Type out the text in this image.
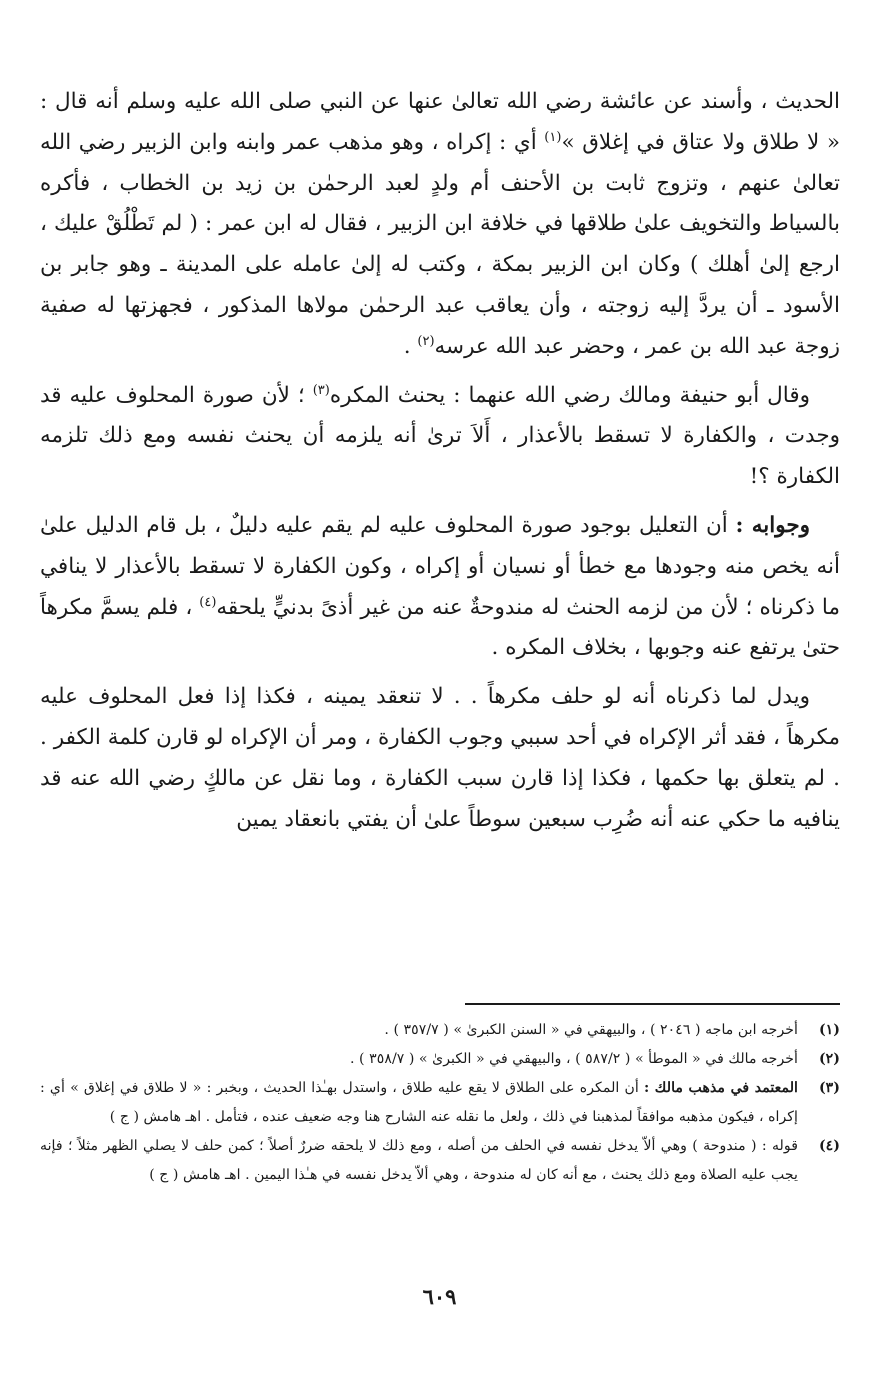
الحديث ، وأسند عن عائشة رضي الله تعالىٰ عنها عن النبي صلى الله عليه وسلم أنه قال : « لا طلاق ولا عتاق في إغلاق »$^{(١)}$ أي : إكراه ، وهو مذهب عمر وابنه وابن الزبير رضي الله تعالىٰ عنهم ، وتزوج ثابت بن الأحنف أم ولدٍ لعبد الرحمٰن بن زيد بن الخطاب ، فأكره بالسياط والتخويف علىٰ طلاقها في خلافة ابن الزبير ، فقال له ابن عمر : ( لم تَطْلُقْ عليك ، ارجع إلىٰ أهلك ) وكان ابن الزبير بمكة ، وكتب له إلىٰ عامله على المدينة ـ وهو جابر بن الأسود ـ أن يردَّ إليه زوجته ، وأن يعاقب عبد الرحمٰن مولاها المذكور ، فجهزتها له صفية زوجة عبد الله بن عمر ، وحضر عبد الله عرسه$^{(٢)}$ .

وقال أبو حنيفة ومالك رضي الله عنهما : يحنث المكره$^{(٣)}$ ؛ لأن صورة المحلوف عليه قد وجدت ، والكفارة لا تسقط بالأعذار ، أَلاَ ترىٰ أنه يلزمه أن يحنث نفسه ومع ذلك تلزمه الكفارة ؟!

وجوابه : أن التعليل بوجود صورة المحلوف عليه لم يقم عليه دليلٌ ، بل قام الدليل علىٰ أنه يخص منه وجودها مع خطأ أو نسيان أو إكراه ، وكون الكفارة لا تسقط بالأعذار لا ينافي ما ذكرناه ؛ لأن من لزمه الحنث له مندوحةٌ عنه من غير أذىً بدنيٍّ يلحقه$^{(٤)}$ ، فلم يسمَّ مكرهاً حتىٰ يرتفع عنه وجوبها ، بخلاف المكره .

ويدل لما ذكرناه أنه لو حلف مكرهاً . . لا تنعقد يمينه ، فكذا إذا فعل المحلوف عليه مكرهاً ، فقد أثر الإكراه في أحد سببي وجوب الكفارة ، ومر أن الإكراه لو قارن كلمة الكفر . . لم يتعلق بها حكمها ، فكذا إذا قارن سبب الكفارة ، وما نقل عن مالكٍ رضي الله عنه قد ينافيه ما حكي عنه أنه ضُرِب سبعين سوطاً علىٰ أن يفتي بانعقاد يمين

(١)
أخرجه ابن ماجه ( ٢٠٤٦ ) ، والبيهقي في « السنن الكبرىٰ » ( ٣٥٧/٧ ) .
(٢)
أخرجه مالك في « الموطأ » ( ٥٨٧/٢ ) ، والبيهقي في « الكبرىٰ » ( ٣٥٨/٧ ) .
(٣)
المعتمد في مذهب مالك : أن المكره على الطلاق لا يقع عليه طلاق ، واستدل بهـٰذا الحديث ، وبخبر : « لا طلاق في إغلاق » أي : إكراه ، فيكون مذهبه موافقاً لمذهبنا في ذلك ، ولعل ما نقله عنه الشارح هنا وجه ضعيف عنده ، فتأمل . اهـ هامش ( ج )
(٤)
قوله : ( مندوحة ) وهي ألاّ يدخل نفسه في الحلف من أصله ، ومع ذلك لا يلحقه ضررٌ أصلاً ؛ كمن حلف لا يصلي الظهر مثلاً ؛ فإنه يجب عليه الصلاة ومع ذلك يحنث ، مع أنه كان له مندوحة ، وهي ألاّ يدخل نفسه في هـٰذا اليمين . اهـ هامش ( ج )
٦٠٩
